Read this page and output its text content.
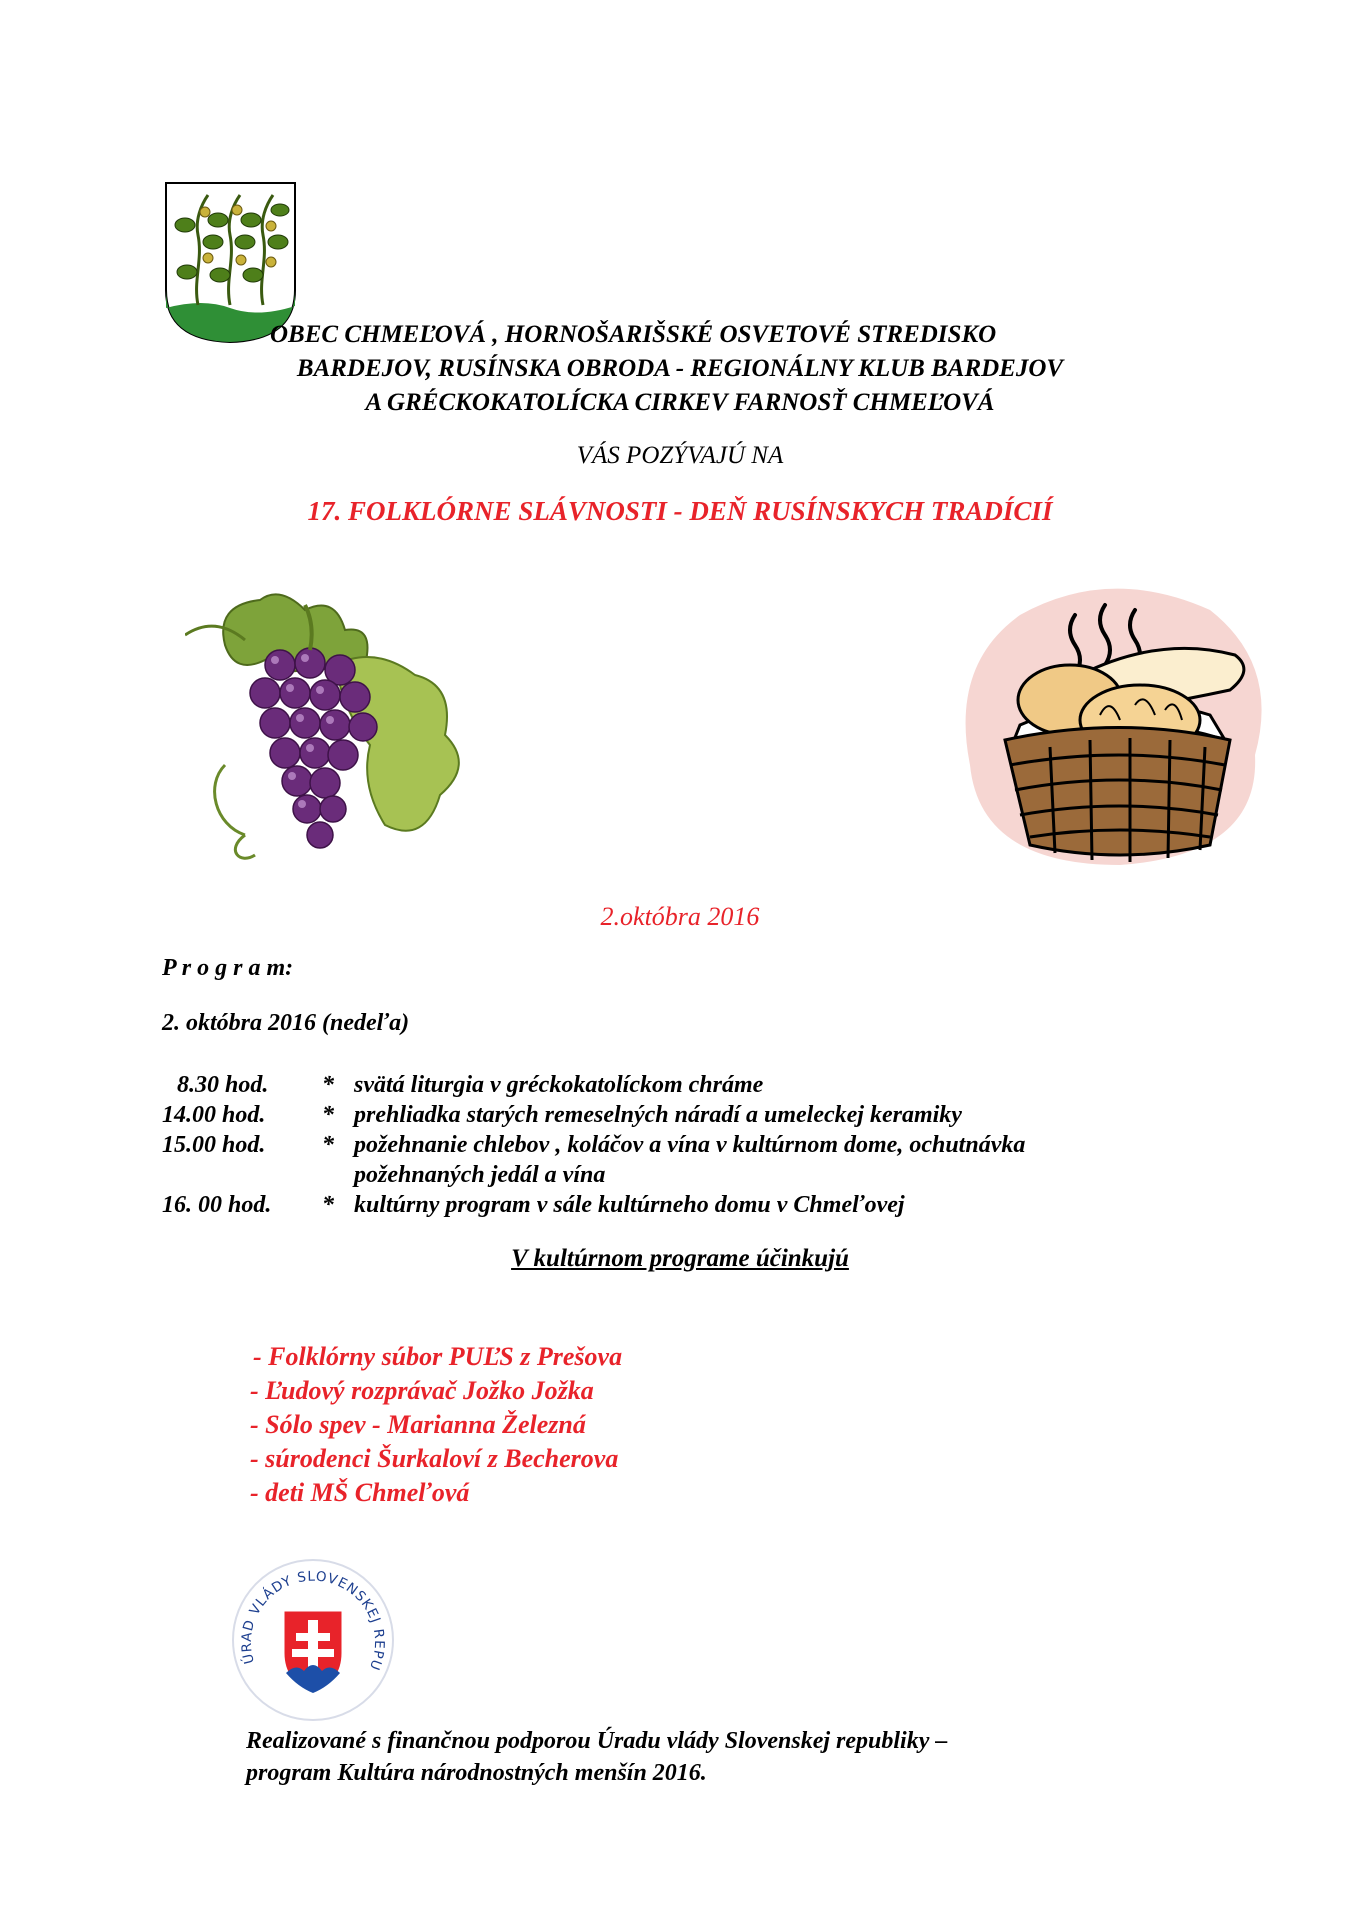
OBEC CHMEĽOVÁ , HORNOŠARIŠSKÉ OSVETOVÉ STREDISKO
BARDEJOV, RUSÍNSKA OBRODA - REGIONÁLNY KLUB BARDEJOV
A GRÉCKOKATOLÍCKA CIRKEV FARNOSŤ CHMEĽOVÁ
VÁS POZÝVAJÚ NA
17. FOLKLÓRNE SLÁVNOSTI - DEŇ RUSÍNSKYCH TRADÍCIÍ
2.októbra 2016
P r o g r a m:
2. októbra 2016 (nedeľa)
8.30 hod.	* svätá liturgia v gréckokatolíckom chráme
14.00 hod.	* prehliadka starých remeselných náradí a umeleckej keramiky
15.00 hod.	* požehnanie chlebov , koláčov a vína v kultúrnom dome, ochutnávka
požehnaných jedál a vína
16. 00 hod.	* kultúrny program v sále kultúrneho domu v Chmeľovej
V kultúrnom programe účinkujú
- Folklórny súbor PUĽS z Prešova
- Ľudový rozprávač Jožko Jožka
- Sólo spev - Marianna Železná
- súrodenci Šurkaloví z Becherova
- deti MŠ Chmeľová
ÚRAD VLÁDY SLOVENSKEJ REPU
Realizované s finančnou podporou Úradu vlády Slovenskej republiky –
program Kultúra národnostných menšín 2016.
